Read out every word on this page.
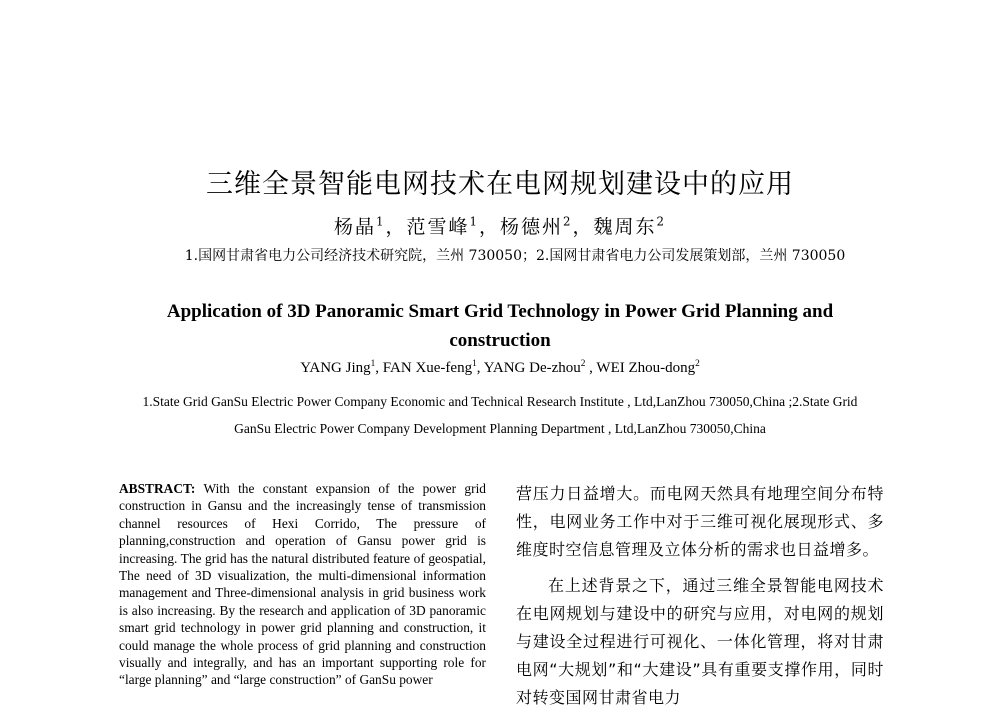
三维全景智能电网技术在电网规划建设中的应用
杨晶$^1$，范雪峰$^1$，杨德州$^2$，魏周东$^2$
1.国网甘肃省电力公司经济技术研究院，兰州 730050；2.国网甘肃省电力公司发展策划部，兰州 730050
Application of 3D Panoramic Smart Grid Technology in Power Grid Planning and construction
YANG Jing$^1$, FAN Xue-feng$^1$, YANG De-zhou$^2$ , WEI Zhou-dong$^2$
1.State Grid GanSu Electric Power Company Economic and Technical Research Institute , Ltd,LanZhou 730050,China ;2.State Grid GanSu Electric Power Company Development Planning Department , Ltd,LanZhou 730050,China
ABSTRACT: With the constant expansion of the power grid construction in Gansu and the increasingly tense of transmission channel resources of Hexi Corrido, The pressure of planning,construction and operation of Gansu power grid is increasing. The grid has the natural distributed feature of geospatial, The need of 3D visualization, the multi-dimensional information management and Three-dimensional analysis in grid business work is also increasing. By the research and application of 3D panoramic smart grid technology in power grid planning and construction, it could manage the whole process of grid planning and construction visually and integrally, and has an important supporting role for “large planning” and “large construction” of GanSu power

营压力日益增大。而电网天然具有地理空间分布特性，电网业务工作中对于三维可视化展现形式、多维度时空信息管理及立体分析的需求也日益增多。

在上述背景之下，通过三维全景智能电网技术在电网规划与建设中的研究与应用，对电网的规划与建设全过程进行可视化、一体化管理，将对甘肃电网“大规划”和“大建设”具有重要支撑作用，同时对转变国网甘肃省电力
